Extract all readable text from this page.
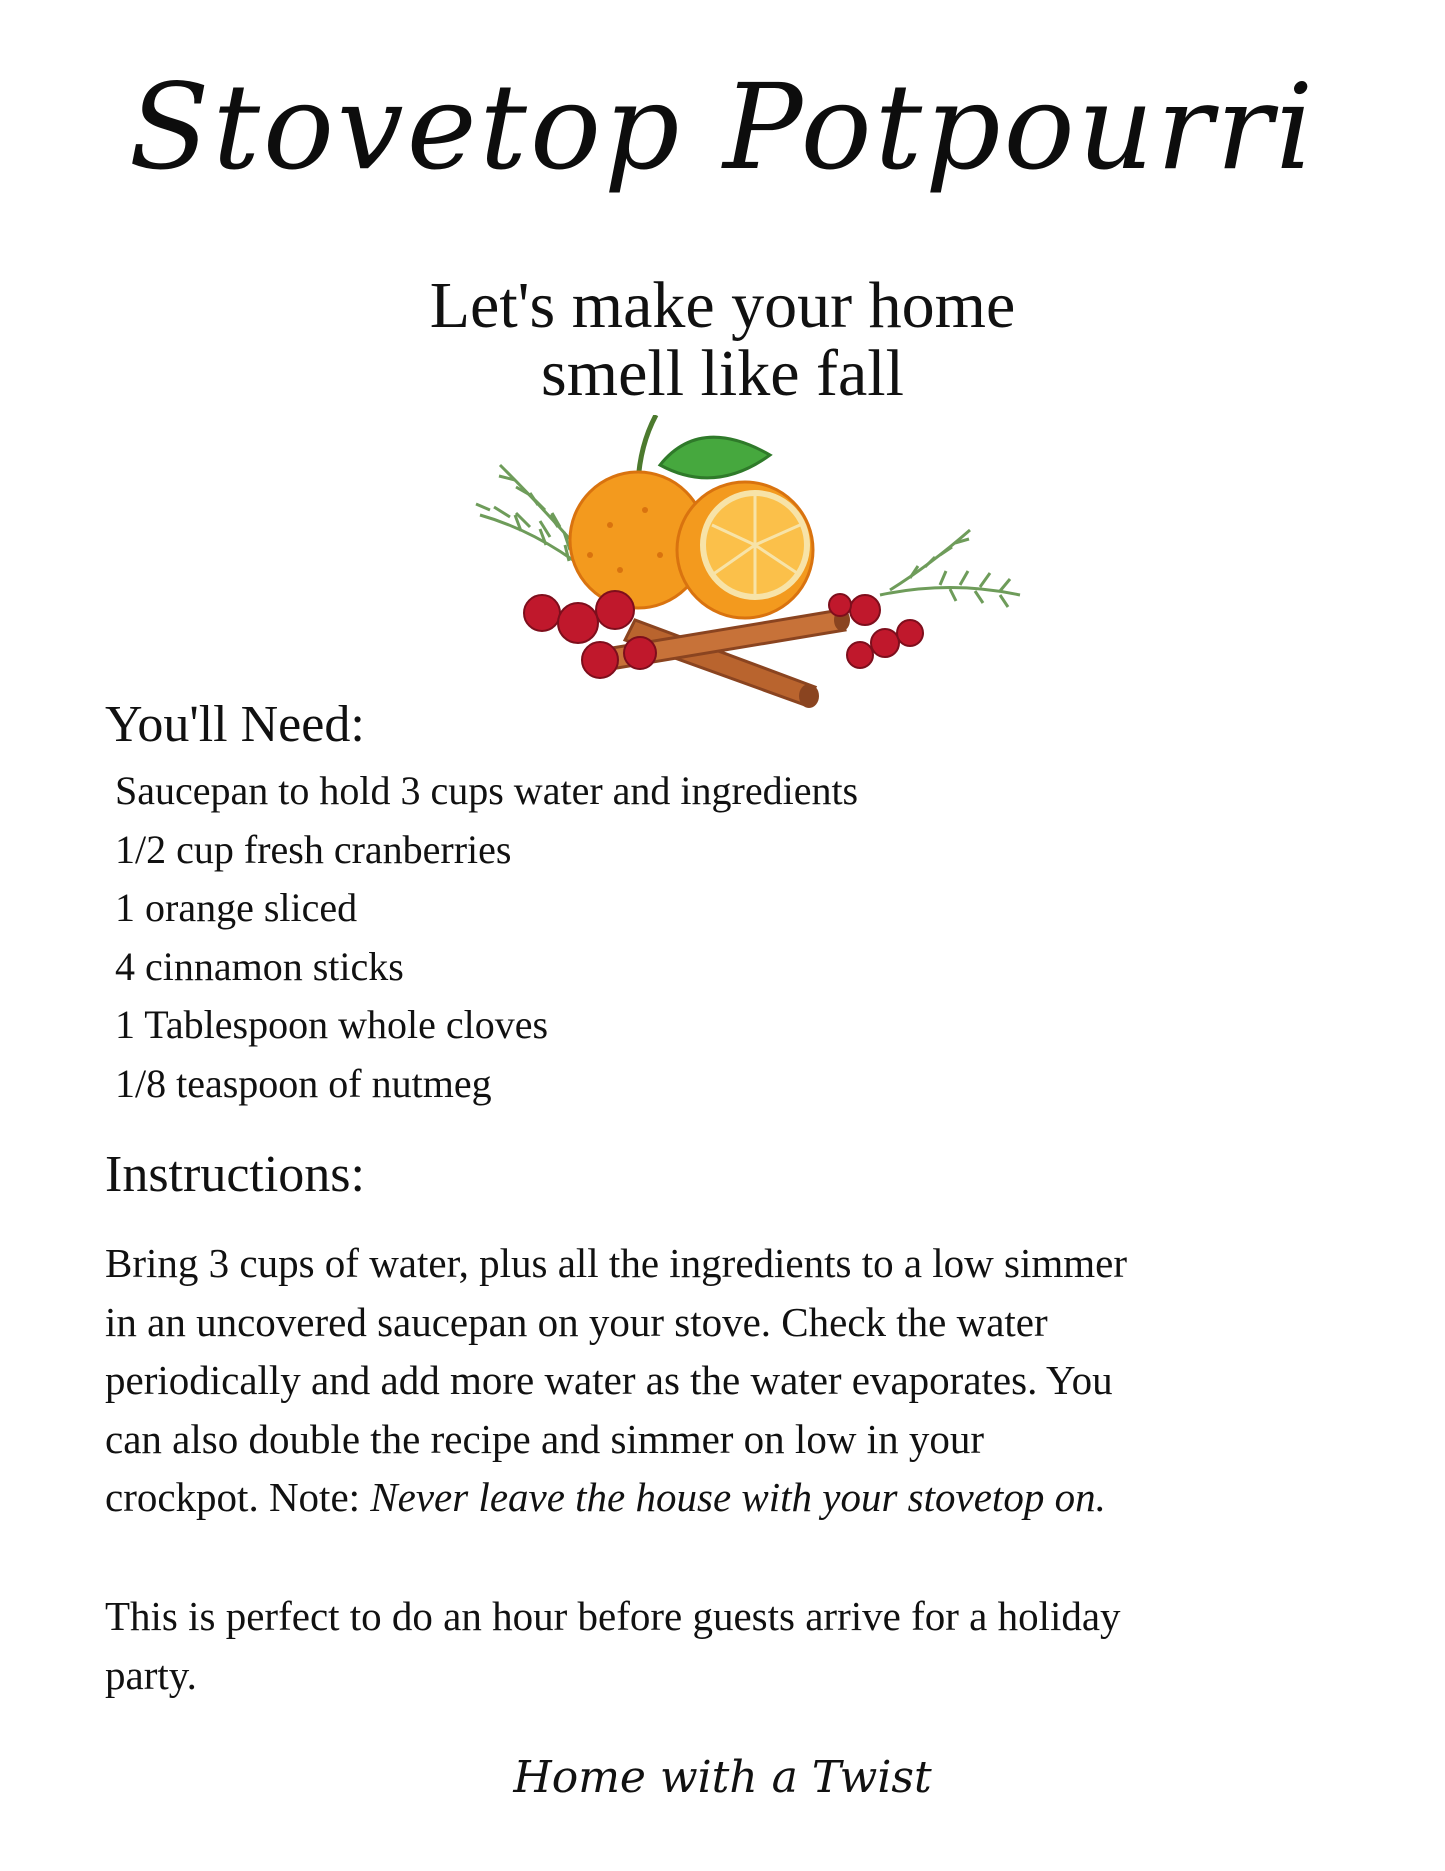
Stovetop Potpourri
Let's make your home
smell like fall
You'll Need:
Saucepan to hold 3 cups water and ingredients
1/2 cup fresh cranberries
1 orange sliced
4 cinnamon sticks
1 Tablespoon whole cloves
1/8 teaspoon of nutmeg
Instructions:
Bring 3 cups of water, plus all the ingredients to a low simmer
in an uncovered saucepan on your stove. Check the water
periodically and add more water as the water evaporates. You
can also double the recipe and simmer on low in your
crockpot. Note: Never leave the house with your stovetop on.
This is perfect to do an hour before guests arrive for a holiday
party.
Home with a Twist
